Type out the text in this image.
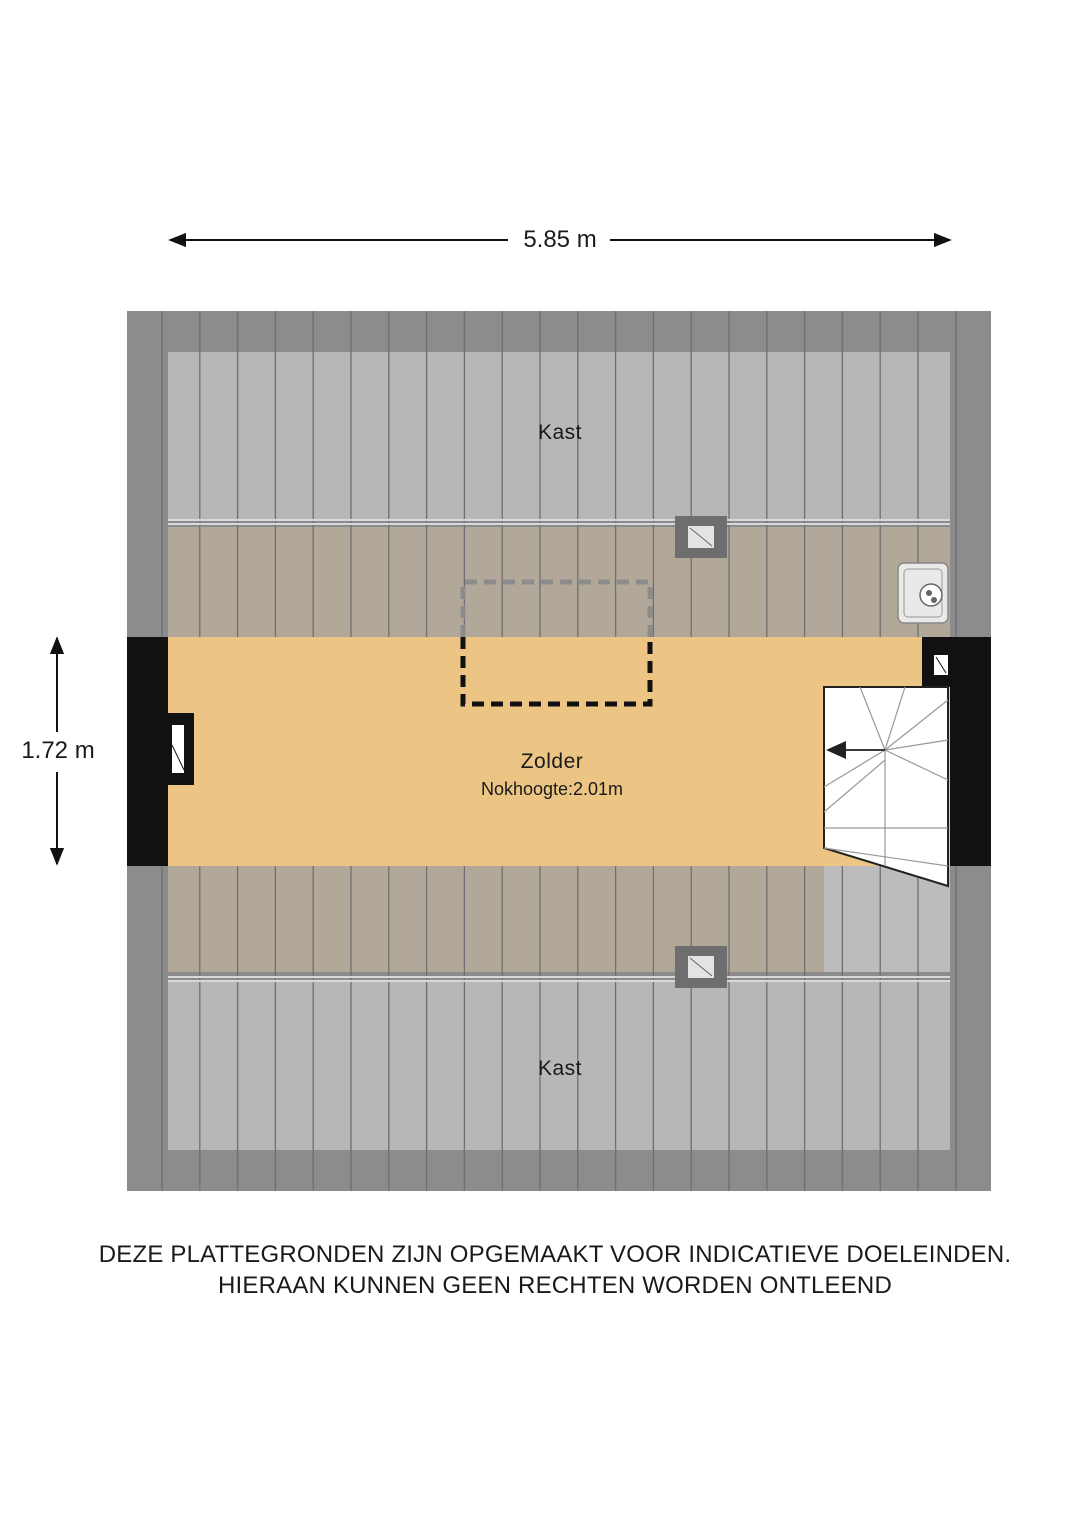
5.85 m
1.72 m
Kast
Kast
Zolder
Nokhoogte:2.01m
DEZE PLATTEGRONDEN ZIJN OPGEMAAKT VOOR INDICATIEVE DOELEINDEN.
HIERAAN KUNNEN GEEN RECHTEN WORDEN ONTLEEND
